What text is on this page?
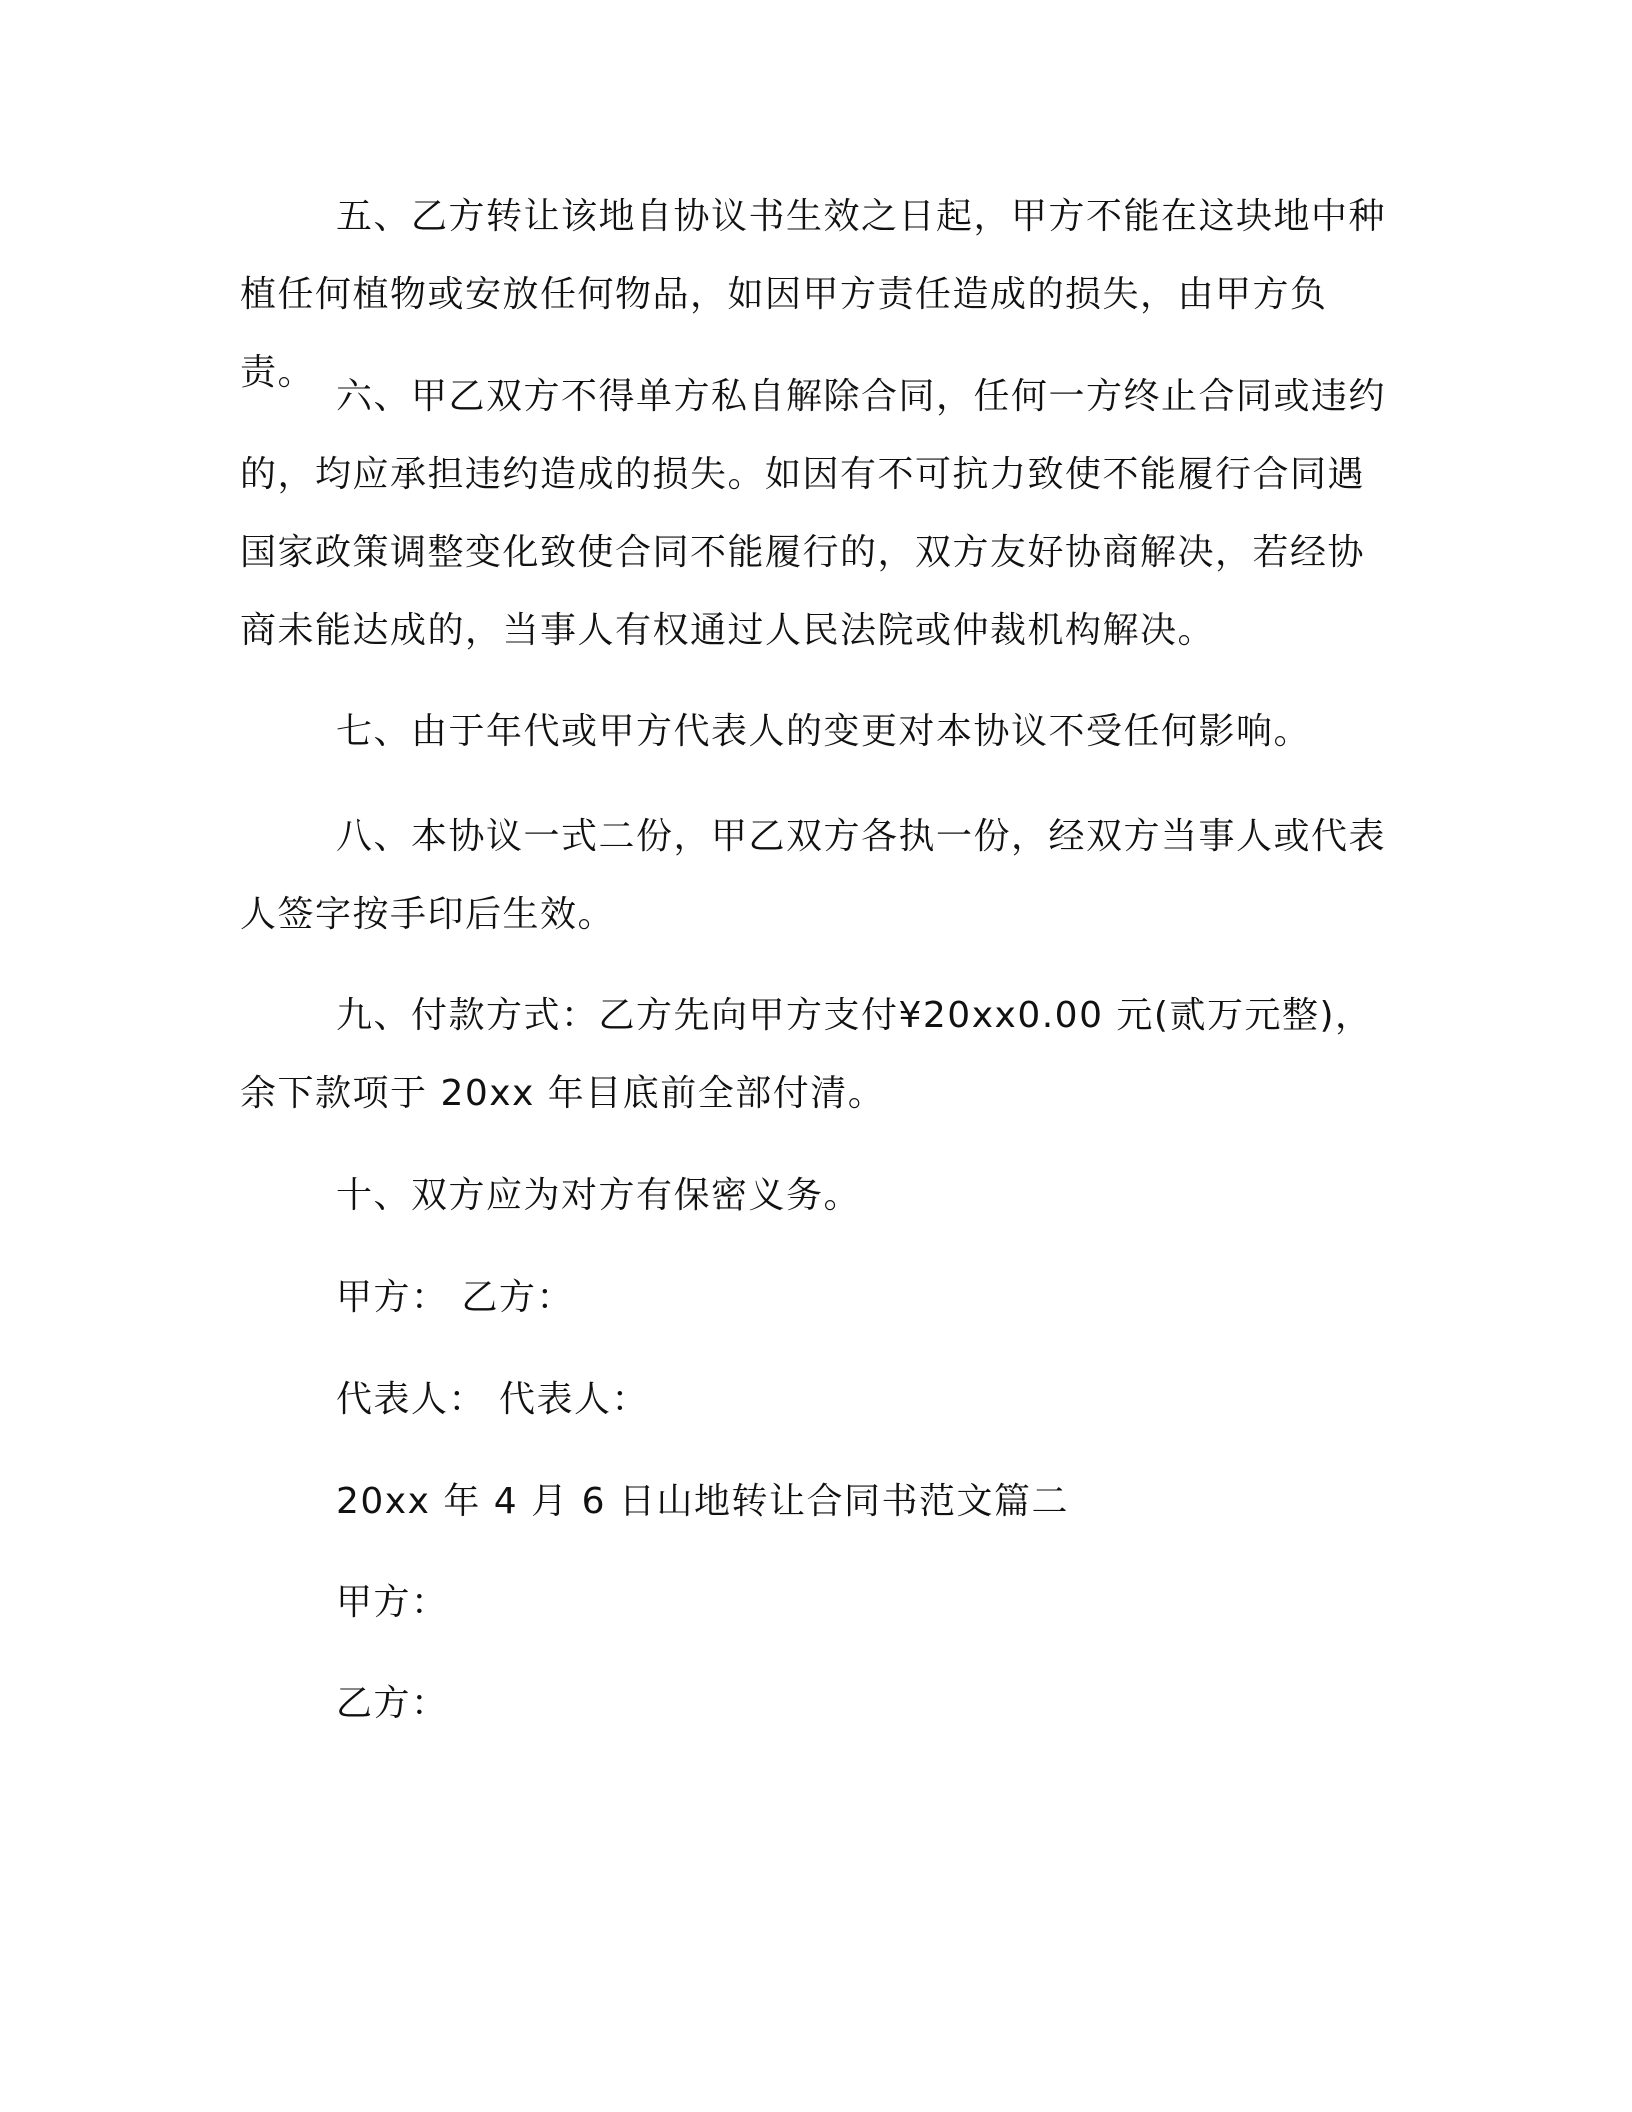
五、乙方转让该地自协议书生效之日起，甲方不能在这块地中种植任何植物或安放任何物品，如因甲方责任造成的损失，由甲方负责。

六、甲乙双方不得单方私自解除合同，任何一方终止合同或违约的，均应承担违约造成的损失。如因有不可抗力致使不能履行合同遇国家政策调整变化致使合同不能履行的，双方友好协商解决，若经协商未能达成的，当事人有权通过人民法院或仲裁机构解决。

七、由于年代或甲方代表人的变更对本协议不受任何影响。

八、本协议一式二份，甲乙双方各执一份，经双方当事人或代表人签字按手印后生效。

九、付款方式：乙方先向甲方支付¥20xx0.00 元(贰万元整)，余下款项于 20xx 年目底前全部付清。

十、双方应为对方有保密义务。

甲方： 乙方：

代表人： 代表人：

20xx 年 4 月 6 日山地转让合同书范文篇二

甲方：

乙方：
